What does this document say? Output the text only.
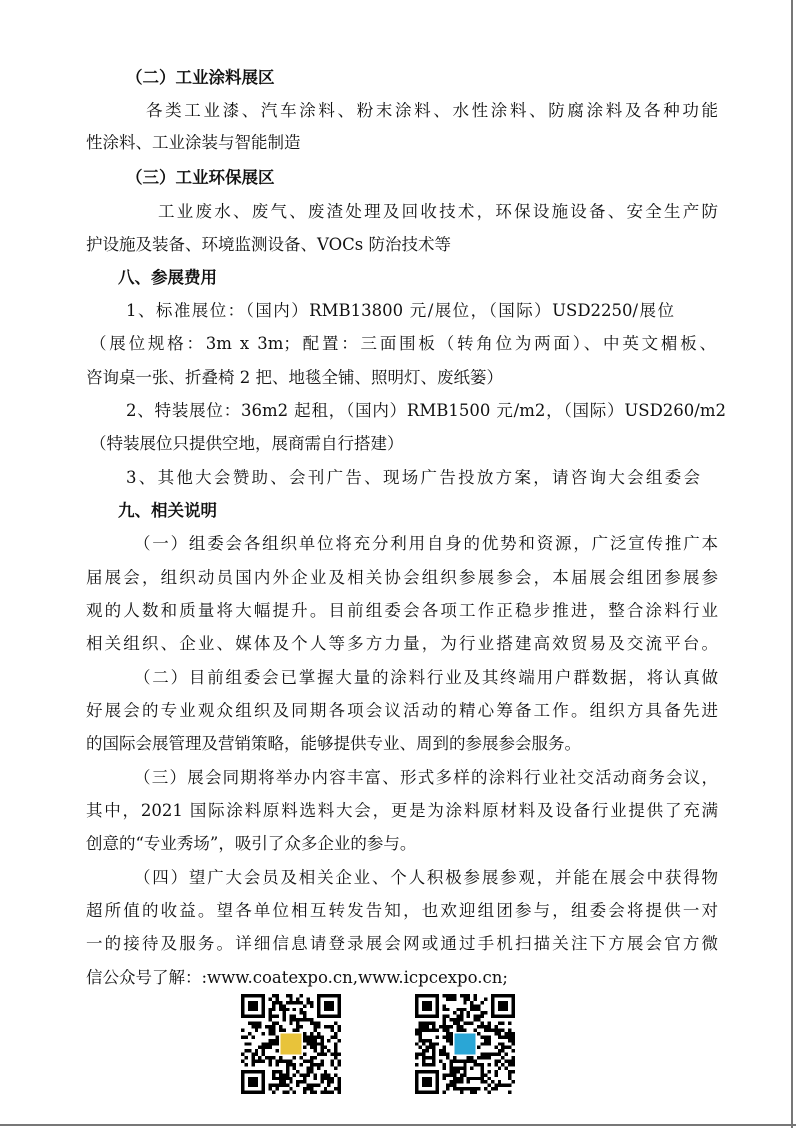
（二）工业涂料展区
各类工业漆、汽车涂料、粉末涂料、水性涂料、防腐涂料及各种功能
性涂料、工业涂装与智能制造
（三）工业环保展区
工业废水、废气、废渣处理及回收技术，环保设施设备、安全生产防
护设施及装备、环境监测设备、VOCs 防治技术等
八、参展费用
1、标准展位：（国内）RMB13800 元/展位，（国际）USD2250/展位
（展位规格：3m x 3m；配置：三面围板（转角位为两面）、中英文楣板、
咨询桌一张、折叠椅 2 把、地毯全铺、照明灯、废纸篓）
2、特装展位：36m2 起租，（国内）RMB1500 元/m2，（国际）USD260/m2
（特装展位只提供空地，展商需自行搭建）
3、其他大会赞助、会刊广告、现场广告投放方案，请咨询大会组委会
九、相关说明
（一）组委会各组织单位将充分利用自身的优势和资源，广泛宣传推广本
届展会，组织动员国内外企业及相关协会组织参展参会，本届展会组团参展参
观的人数和质量将大幅提升。目前组委会各项工作正稳步推进，整合涂料行业
相关组织、企业、媒体及个人等多方力量，为行业搭建高效贸易及交流平台。
（二）目前组委会已掌握大量的涂料行业及其终端用户群数据，将认真做
好展会的专业观众组织及同期各项会议活动的精心筹备工作。组织方具备先进
的国际会展管理及营销策略，能够提供专业、周到的参展参会服务。
（三）展会同期将举办内容丰富、形式多样的涂料行业社交活动商务会议，
其中，2021 国际涂料原料选料大会，更是为涂料原材料及设备行业提供了充满
创意的“专业秀场”，吸引了众多企业的参与。
（四）望广大会员及相关企业、个人积极参展参观，并能在展会中获得物
超所值的收益。望各单位相互转发告知，也欢迎组团参与，组委会将提供一对
一的接待及服务。详细信息请登录展会网或通过手机扫描关注下方展会官方微
信公众号了解：:www.coatexpo.cn,www.icpcexpo.cn;
